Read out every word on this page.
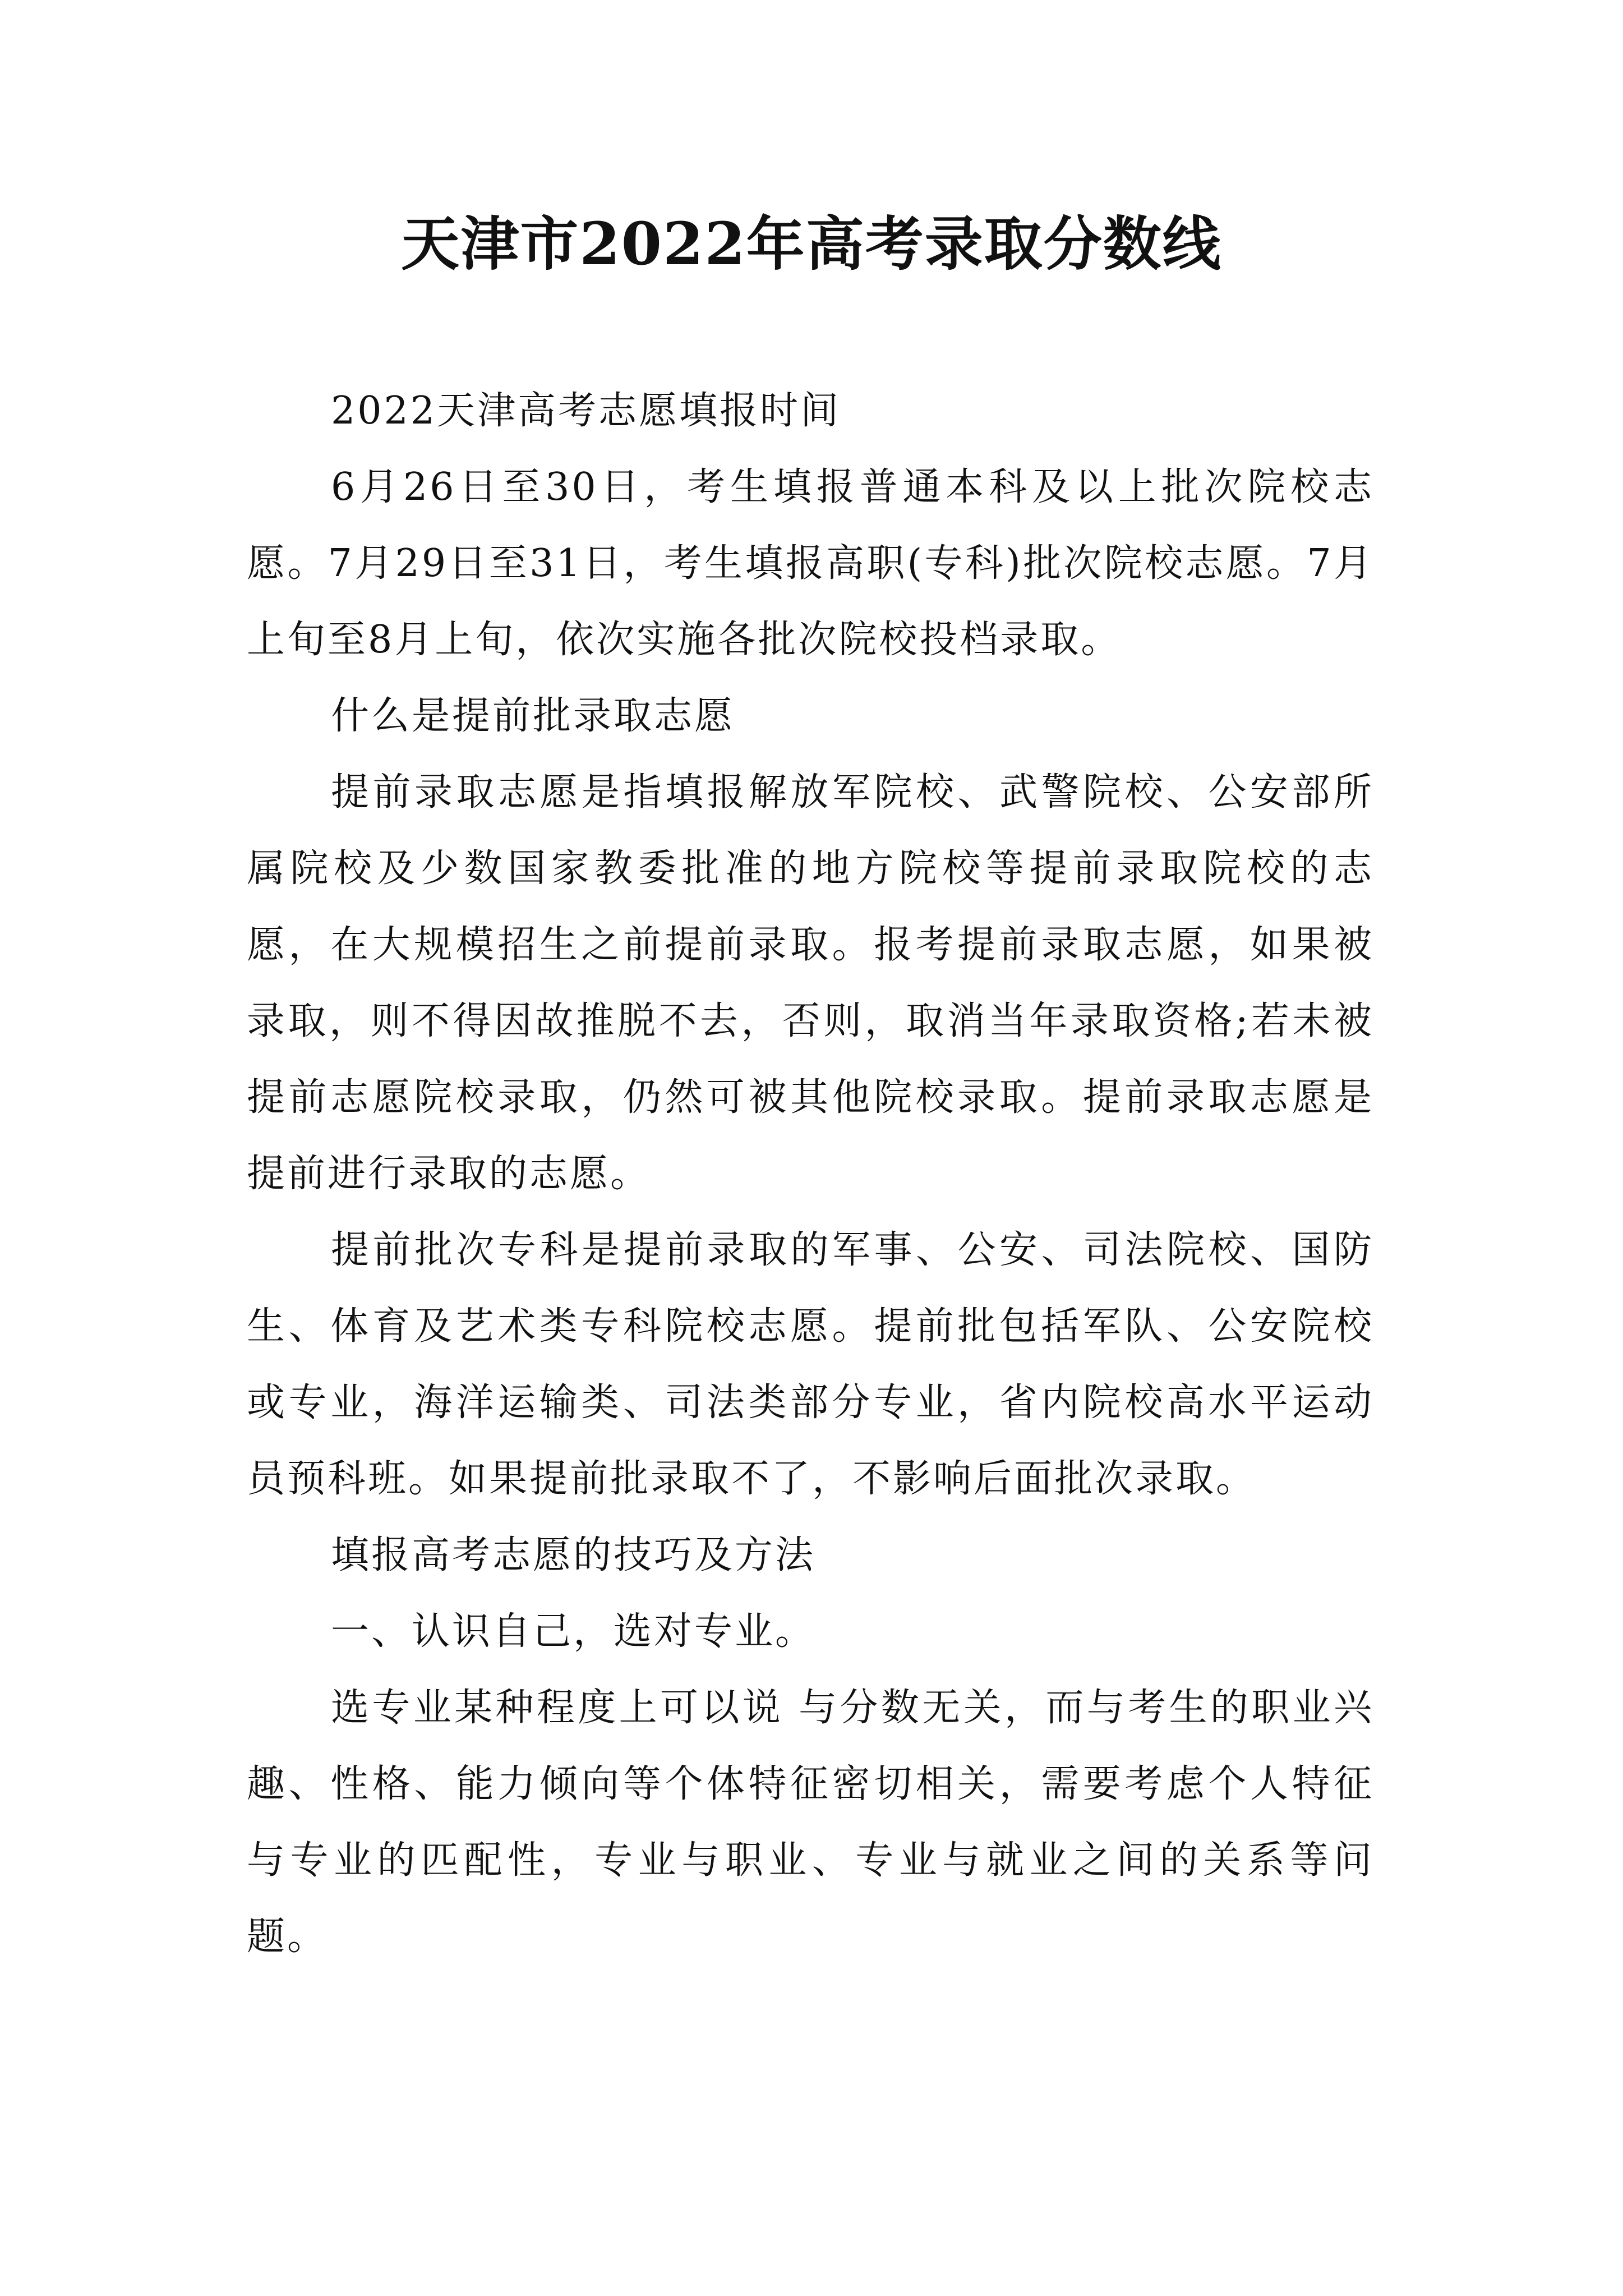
天津市2022年高考录取分数线

2022天津高考志愿填报时间

6月26日至30日，考生填报普通本科及以上批次院校志愿。7月29日至31日，考生填报高职(专科)批次院校志愿。7月上旬至8月上旬，依次实施各批次院校投档录取。

什么是提前批录取志愿

提前录取志愿是指填报解放军院校、武警院校、公安部所属院校及少数国家教委批准的地方院校等提前录取院校的志愿，在大规模招生之前提前录取。报考提前录取志愿，如果被录取，则不得因故推脱不去，否则，取消当年录取资格;若未被提前志愿院校录取，仍然可被其他院校录取。提前录取志愿是提前进行录取的志愿。

提前批次专科是提前录取的军事、公安、司法院校、国防生、体育及艺术类专科院校志愿。提前批包括军队、公安院校或专业，海洋运输类、司法类部分专业，省内院校高水平运动员预科班。如果提前批录取不了，不影响后面批次录取。

填报高考志愿的技巧及方法

一、认识自己，选对专业。

选专业某种程度上可以说 与分数无关，而与考生的职业兴趣、性格、能力倾向等个体特征密切相关，需要考虑个人特征与专业的匹配性，专业与职业、专业与就业之间的关系等问题。
